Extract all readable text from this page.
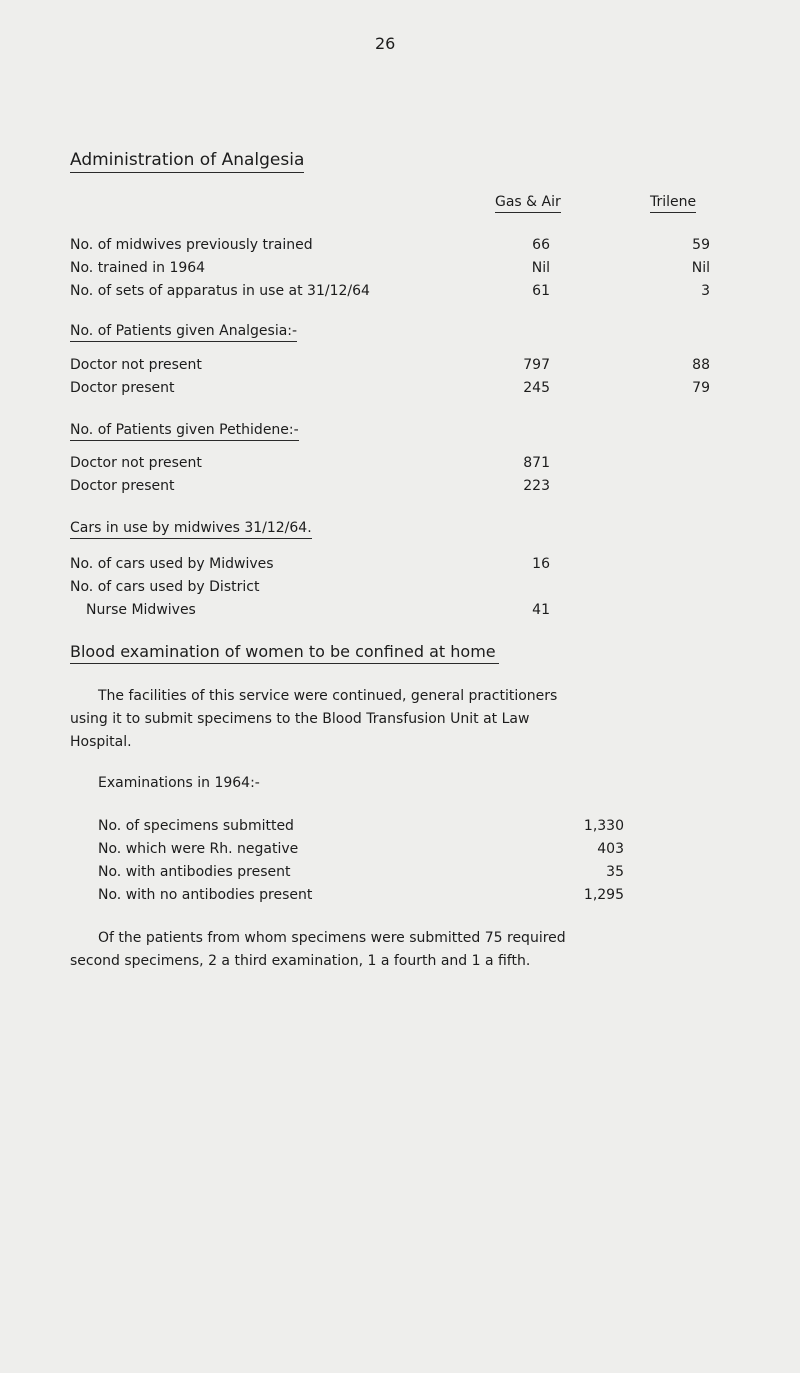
26
Administration of Analgesia
Gas & Air	Trilene
No. of midwives previously trained	66	59
No. trained in 1964	Nil	Nil
No. of sets of apparatus in use at 31/12/64	61	3
No. of Patients given Analgesia:-
Doctor not present	797	88
Doctor present	245	79
No. of Patients given Pethidene:-
Doctor not present	871
Doctor present	223
Cars in use by midwives 31/12/64.
No. of cars used by Midwives	16
No. of cars used by District
Nurse Midwives	41
Blood examination of women to be confined at home
The facilities of this service were continued, general practitioners
using it to submit specimens to the Blood Transfusion Unit at Law
Hospital.
Examinations in 1964:-
No. of specimens submitted	1,330
No. which were Rh. negative	403
No. with antibodies present	35
No. with no antibodies present	1,295
Of the patients from whom specimens were submitted 75 required
second specimens, 2 a third examination, 1 a fourth and 1 a fifth.
